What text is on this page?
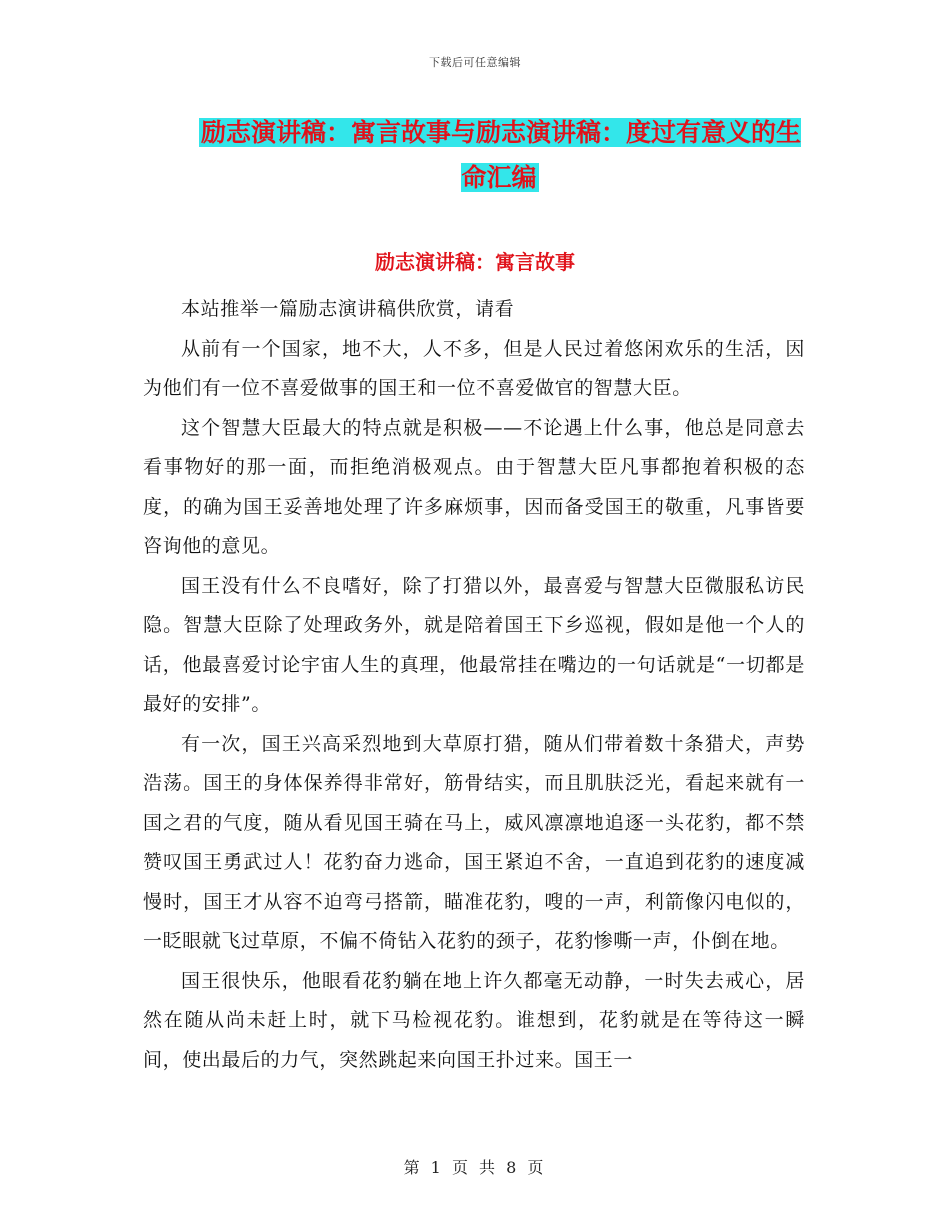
下载后可任意编辑
励志演讲稿：寓言故事与励志演讲稿：度过有意义的生命汇编
励志演讲稿：寓言故事

本站推举一篇励志演讲稿供欣赏，请看

从前有一个国家，地不大，人不多，但是人民过着悠闲欢乐的生活，因为他们有一位不喜爱做事的国王和一位不喜爱做官的智慧大臣。

这个智慧大臣最大的特点就是积极——不论遇上什么事，他总是同意去看事物好的那一面，而拒绝消极观点。由于智慧大臣凡事都抱着积极的态度，的确为国王妥善地处理了许多麻烦事，因而备受国王的敬重，凡事皆要咨询他的意见。

国王没有什么不良嗜好，除了打猎以外，最喜爱与智慧大臣微服私访民隐。智慧大臣除了处理政务外，就是陪着国王下乡巡视，假如是他一个人的话，他最喜爱讨论宇宙人生的真理，他最常挂在嘴边的一句话就是“一切都是最好的安排”。

有一次，国王兴高采烈地到大草原打猎，随从们带着数十条猎犬，声势浩荡。国王的身体保养得非常好，筋骨结实，而且肌肤泛光，看起来就有一国之君的气度，随从看见国王骑在马上，威风凛凛地追逐一头花豹，都不禁赞叹国王勇武过人！花豹奋力逃命，国王紧迫不舍，一直追到花豹的速度减慢时，国王才从容不迫弯弓搭箭，瞄准花豹，嗖的一声，利箭像闪电似的，一眨眼就飞过草原，不偏不倚钻入花豹的颈子，花豹惨嘶一声，仆倒在地。

国王很快乐，他眼看花豹躺在地上许久都毫无动静，一时失去戒心，居然在随从尚未赶上时，就下马检视花豹。谁想到，花豹就是在等待这一瞬间，使出最后的力气，突然跳起来向国王扑过来。国王一

第 1 页 共 8 页
